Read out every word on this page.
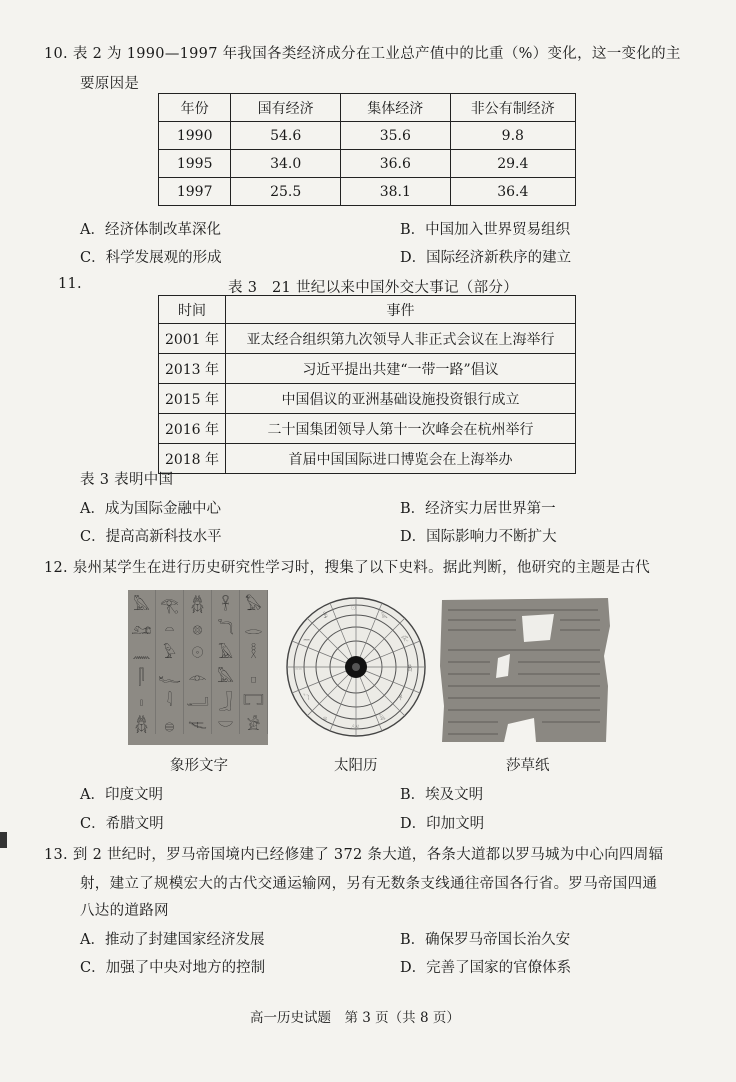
10. 表 2 为 1990—1997 年我国各类经济成分在工业总产值中的比重（%）变化，这一变化的主
要原因是
年份	国有经济	集体经济	非公有制经济
1990	54.6	35.6	9.8
1995	34.0	36.6	29.4
1997	25.5	38.1	36.4
A．经济体制改革深化	B．中国加入世界贸易组织
C．科学发展观的形成	D．国际经济新秩序的建立
11.	表 3　21 世纪以来中国外交大事记（部分）
时间	事件
2001 年	亚太经合组织第九次领导人非正式会议在上海举行
2013 年	习近平提出共建“一带一路”倡议
2015 年	中国倡议的亚洲基础设施投资银行成立
2016 年	二十国集团领导人第十一次峰会在杭州举行
2018 年	首届中国国际进口博览会在上海举办
表 3 表明中国
A．成为国际金融中心	B．经济实力居世界第一
C．提高高新科技水平	D．国际影响力不断扩大
12. 泉州某学生在进行历史研究性学习时，搜集了以下史料。据此判断，他研究的主题是古代
𓅓 𓂀 𓆣	𓋹	𓅃
𓃭 𓏏	𓊖 𓆓 𓂋
𓈖 𓅱	𓇳 𓄿	𓎛
𓋴 𓆑 𓁹 𓅓	𓊪
𓏤	𓇋 𓂝 𓃀 𓉐
𓆣	𓐍 𓌻 𓎟 𓀀
象形文字
𓇳
𓅓
𓂀
𓆣
𓋹
𓅃
𓃭
𓊖
𓆓
𓂋
𓈖
𓅱
太阳历	莎草纸
A．印度文明	B．埃及文明
C．希腊文明	D．印加文明
13. 到 2 世纪时，罗马帝国境内已经修建了 372 条大道，各条大道都以罗马城为中心向四周辐
射，建立了规模宏大的古代交通运输网，另有无数条支线通往帝国各行省。罗马帝国四通
八达的道路网
A．推动了封建国家经济发展	B．确保罗马帝国长治久安
C．加强了中央对地方的控制	D．完善了国家的官僚体系
高一历史试题　第 3 页（共 8 页）
